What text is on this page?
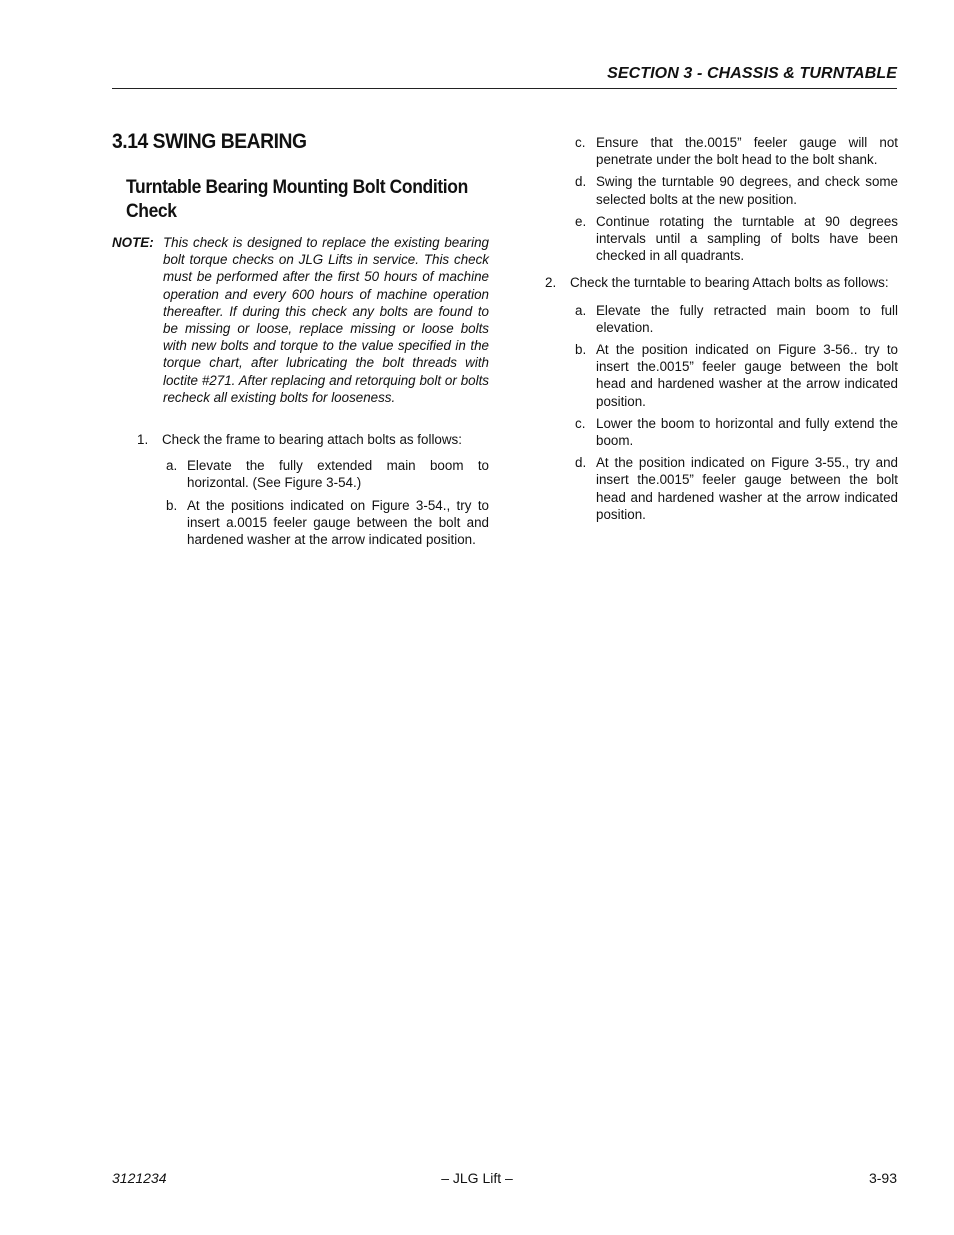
SECTION 3 - CHASSIS & TURNTABLE
3.14 SWING BEARING
Turntable Bearing Mounting Bolt Condition Check
NOTE: This check is designed to replace the existing bearing bolt torque checks on JLG Lifts in service. This check must be performed after the first 50 hours of machine operation and every 600 hours of machine operation thereafter. If during this check any bolts are found to be missing or loose, replace missing or loose bolts with new bolts and torque to the value specified in the torque chart, after lubricating the bolt threads with loctite #271. After replacing and retorquing bolt or bolts recheck all existing bolts for looseness.
1.	Check the frame to bearing attach bolts as follows:
a. Elevate the fully extended main boom to horizontal. (See Figure 3-54.)
b. At the positions indicated on Figure 3-54., try to insert a.0015 feeler gauge between the bolt and hardened washer at the arrow indicated position.
c. Ensure that the.0015” feeler gauge will not penetrate under the bolt head to the bolt shank.
d. Swing the turntable 90 degrees, and check some selected bolts at the new position.
e. Continue rotating the turntable at 90 degrees intervals until a sampling of bolts have been checked in all quadrants.
2.	Check the turntable to bearing Attach bolts as follows:
a. Elevate the fully retracted main boom to full elevation.
b. At the position indicated on Figure 3-56.. try to insert the.0015” feeler gauge between the bolt head and hardened washer at the arrow indicated position.
c. Lower the boom to horizontal and fully extend the boom.
d. At the position indicated on Figure 3-55., try and insert the.0015” feeler gauge between the bolt head and hardened washer at the arrow indicated position.
3121234	– JLG Lift –	3-93
